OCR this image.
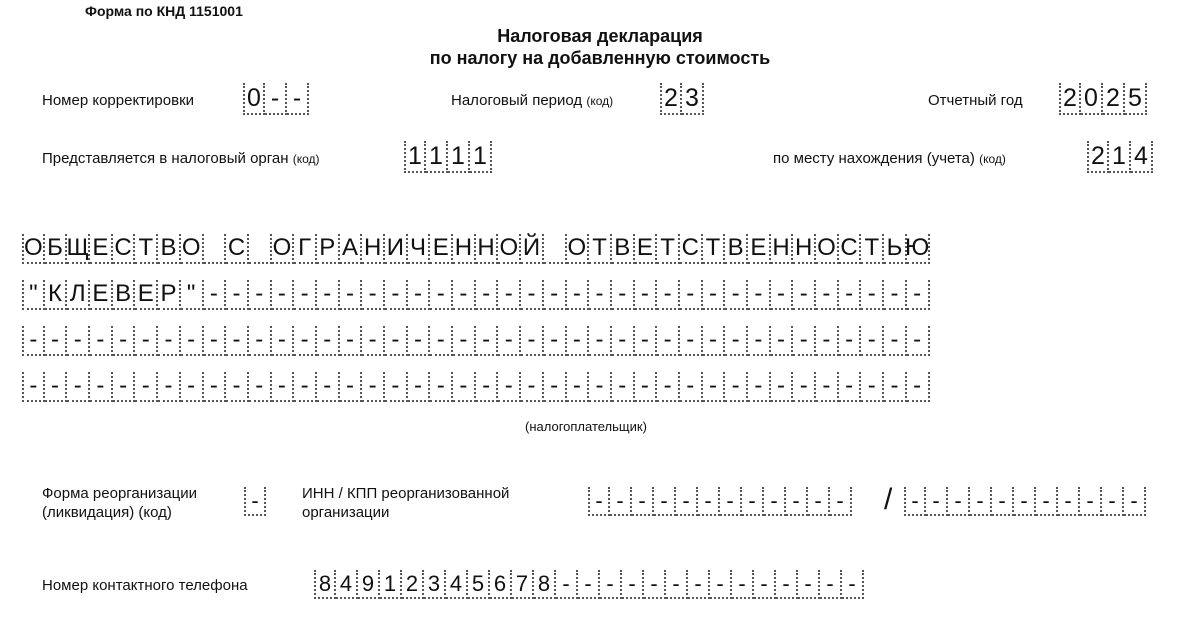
Форма по КНД 1151001
Налоговая декларация
по налогу на добавленную стоимость
Номер корректировки 0 - -	Налоговый период (код) 2 3	Отчетный год 2 0 2 5
Представляется в налоговый орган (код)	1 1 1 1	по месту нахождения (учета) (код)	2 1 4
О Б Щ Е С Т В О С О Г Р А Н И Ч Е Н Н О Й О Т В Е Т С Т В Е Н Н О С Т Ь Ю
" К Л Е В Е Р " - - - - - - - - - - - - - - - - - - - - - - - - - - - - - - - -
- - - - - - - - - - - - - - - - - - - - - - - - - - - - - - - - - - - - - - - -
- - - - - - - - - - - - - - - - - - - - - - - - - - - - - - - - - - - - - - - -
(налогоплательщик)
Форма реорганизации
(ликвидация) (код)	-	ИНН / КПП реорганизованной
организации	- - - - - - - - - - - - / - - - - - - - - - - -
Номер контактного телефона	8 4 9 1 2 3 4 5 6 7 8 - - - - - - - - - - - - - -
